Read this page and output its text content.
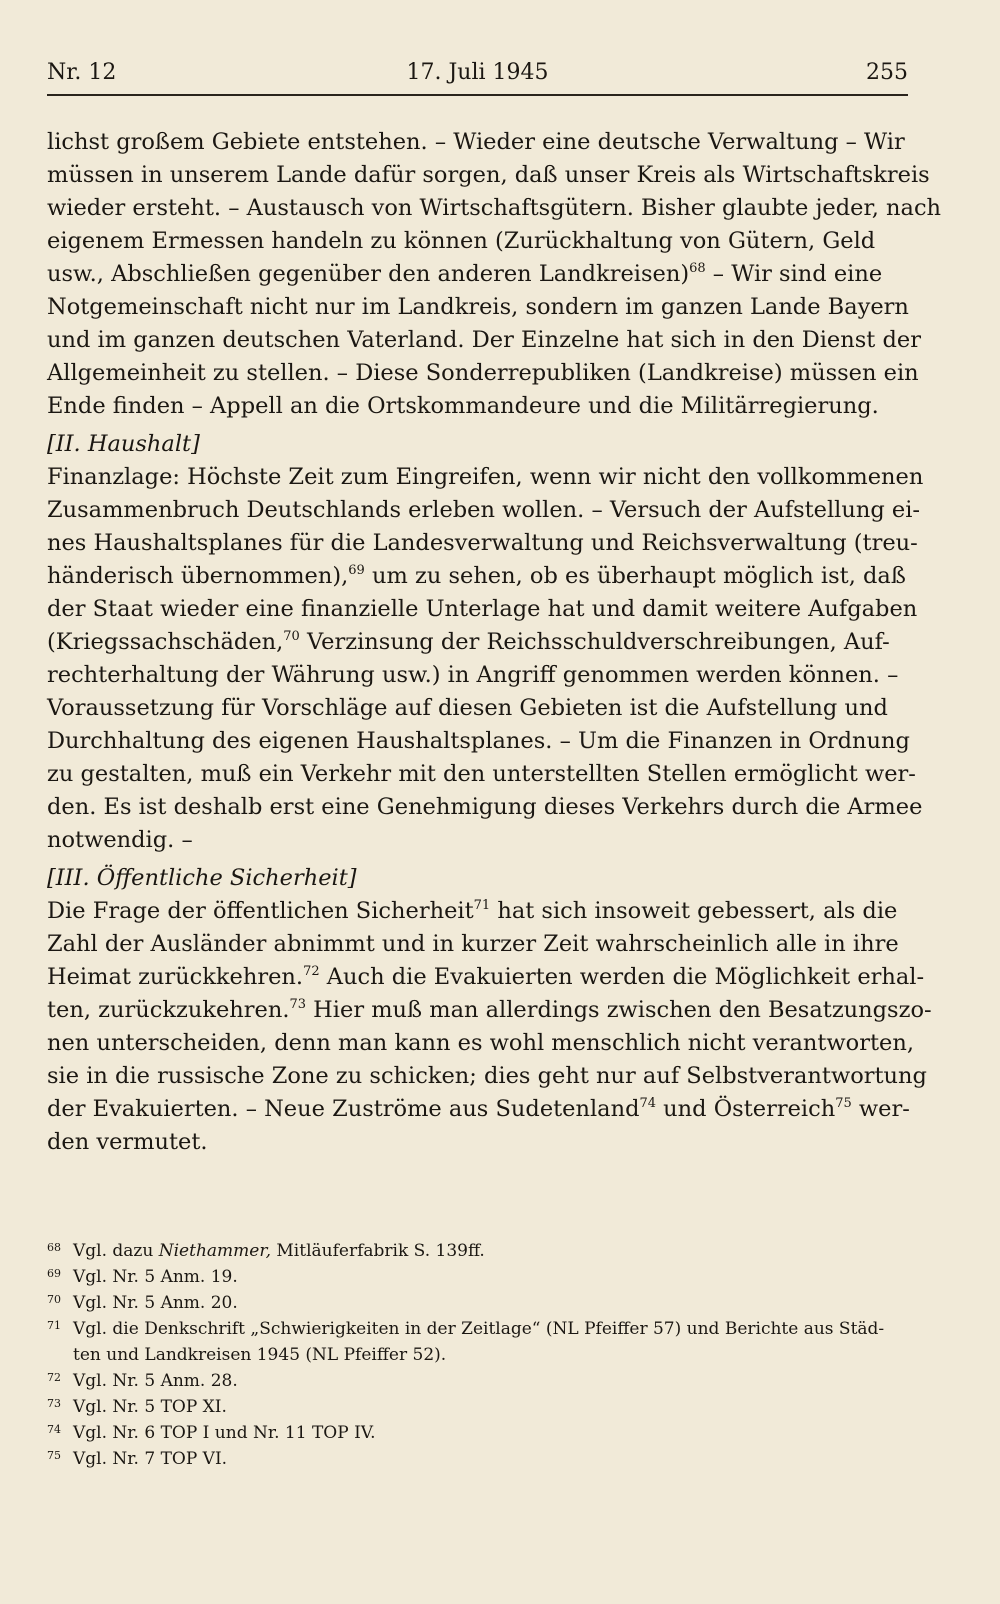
Nr. 12	17. Juli 1945	255
lichst großem Gebiete entstehen. – Wieder eine deutsche Verwaltung – Wir
müssen in unserem Lande dafür sorgen, daß unser Kreis als Wirtschaftskreis
wieder ersteht. – Austausch von Wirtschaftsgütern. Bisher glaubte jeder, nach
eigenem Ermessen handeln zu können (Zurückhaltung von Gütern, Geld
usw., Abschließen gegenüber den anderen Landkreisen)$^{68}$ – Wir sind eine
Notgemeinschaft nicht nur im Landkreis, sondern im ganzen Lande Bayern
und im ganzen deutschen Vaterland. Der Einzelne hat sich in den Dienst der
Allgemeinheit zu stellen. – Diese Sonderrepubliken (Landkreise) müssen ein
Ende finden – Appell an die Ortskommandeure und die Militärregierung.
[II. Haushalt]
Finanzlage: Höchste Zeit zum Eingreifen, wenn wir nicht den vollkommenen
Zusammenbruch Deutschlands erleben wollen. – Versuch der Aufstellung ei-
nes Haushaltsplanes für die Landesverwaltung und Reichsverwaltung (treu-
händerisch übernommen),$^{69}$ um zu sehen, ob es überhaupt möglich ist, daß
der Staat wieder eine finanzielle Unterlage hat und damit weitere Aufgaben
(Kriegssachschäden,$^{70}$ Verzinsung der Reichsschuldverschreibungen, Auf-
rechterhaltung der Währung usw.) in Angriff genommen werden können. –
Voraussetzung für Vorschläge auf diesen Gebieten ist die Aufstellung und
Durchhaltung des eigenen Haushaltsplanes. – Um die Finanzen in Ordnung
zu gestalten, muß ein Verkehr mit den unterstellten Stellen ermöglicht wer-
den. Es ist deshalb erst eine Genehmigung dieses Verkehrs durch die Armee
notwendig. –
[III. Öffentliche Sicherheit]
Die Frage der öffentlichen Sicherheit$^{71}$ hat sich insoweit gebessert, als die
Zahl der Ausländer abnimmt und in kurzer Zeit wahrscheinlich alle in ihre
Heimat zurückkehren.$^{72}$ Auch die Evakuierten werden die Möglichkeit erhal-
ten, zurückzukehren.$^{73}$ Hier muß man allerdings zwischen den Besatzungszo-
nen unterscheiden, denn man kann es wohl menschlich nicht verantworten,
sie in die russische Zone zu schicken; dies geht nur auf Selbstverantwortung
der Evakuierten. – Neue Zuströme aus Sudetenland$^{74}$ und Österreich$^{75}$ wer-
den vermutet.
68 Vgl. dazu Niethammer, Mitläuferfabrik S. 139ff.
69 Vgl. Nr. 5 Anm. 19.
70 Vgl. Nr. 5 Anm. 20.
71 Vgl. die Denkschrift „Schwierigkeiten in der Zeitlage“ (NL Pfeiffer 57) und Berichte aus Städ-
ten und Landkreisen 1945 (NL Pfeiffer 52).
72 Vgl. Nr. 5 Anm. 28.
73 Vgl. Nr. 5 TOP XI.
74 Vgl. Nr. 6 TOP I und Nr. 11 TOP IV.
75 Vgl. Nr. 7 TOP VI.
